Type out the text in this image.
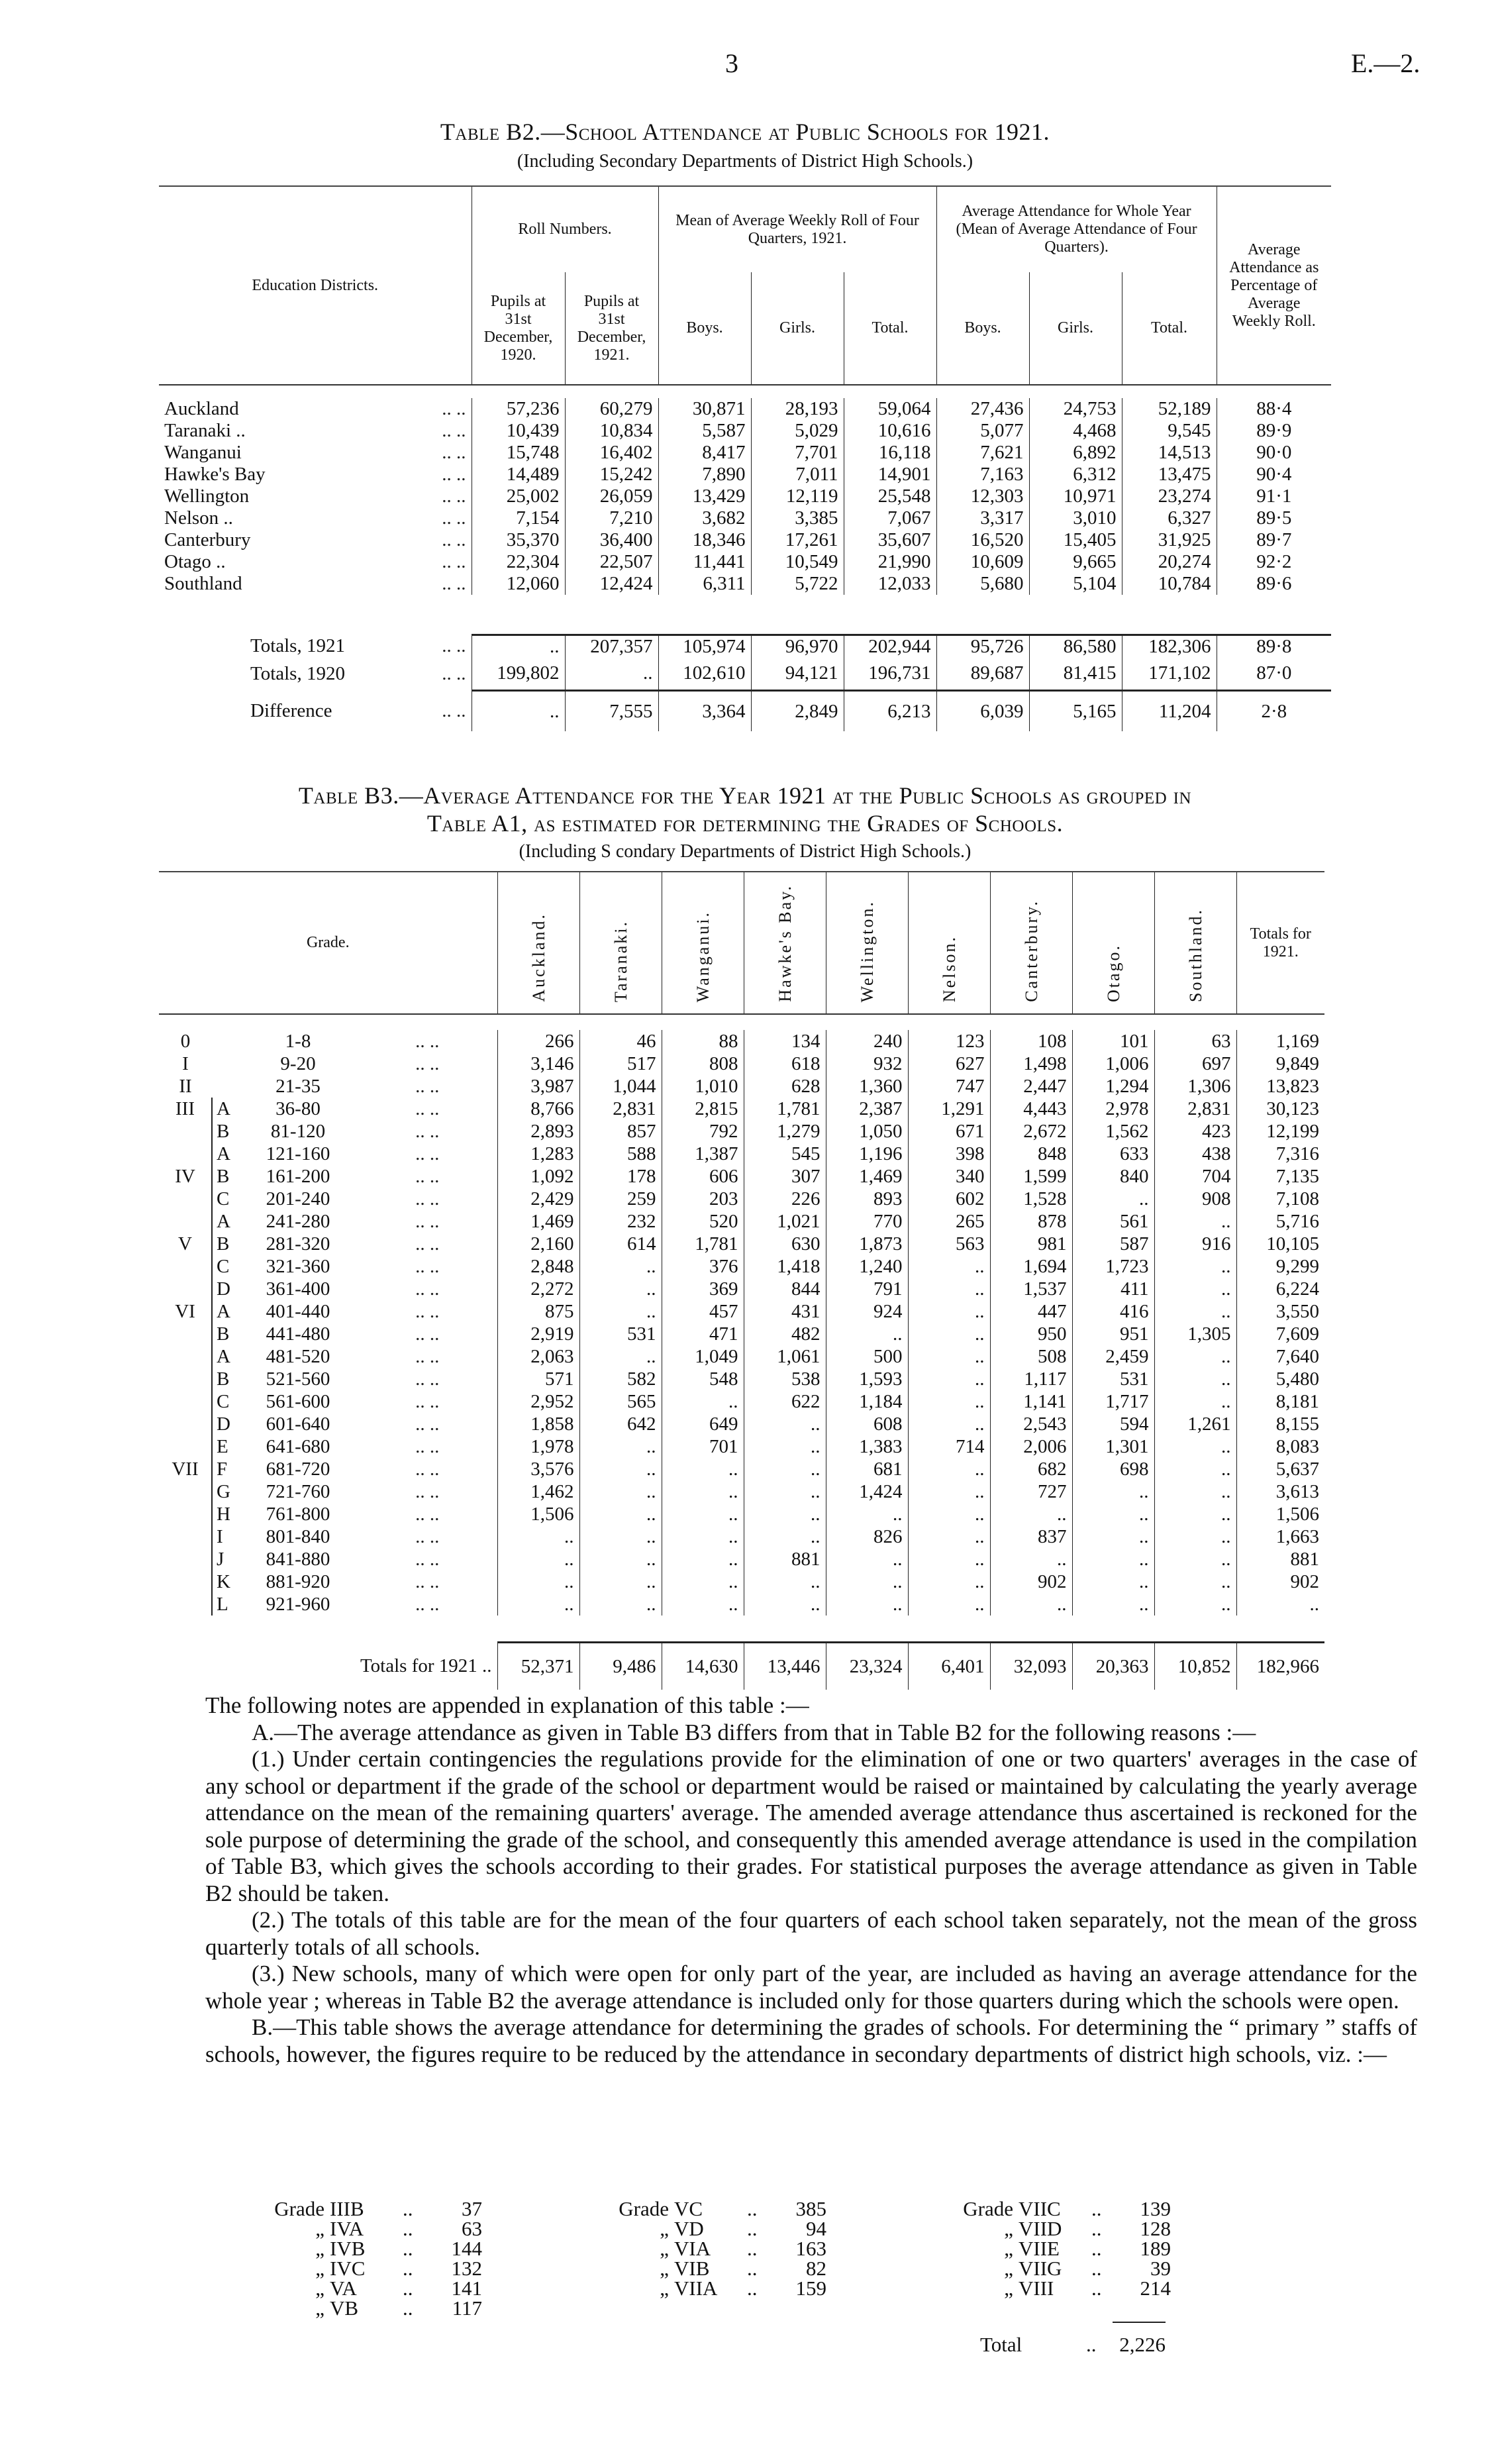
3	E.—2.
Table B2.—School Attendance at Public Schools for 1921.
(Including Secondary Departments of District High Schools.)
Education Districts.	Roll Numbers.		Mean of Average Weekly Roll of Four Quarters, 1921.			Average Attendance for Whole Year (Mean of Average Attendance of Four Quarters).			Average Attendance as Percentage of Average Weekly Roll.
	Pupils at 31st December, 1920.	Pupils at 31st December, 1921.	Boys.	Girls.	Total.	Boys.	Girls.	Total.	

Auckland .. ..	57,236	60,279	30,871	28,193	59,064	27,436	24,753	52,189	88·4
Taranaki .. .. ..	10,439	10,834	5,587	5,029	10,616	5,077	4,468	9,545	89·9
Wanganui .. ..	15,748	16,402	8,417	7,701	16,118	7,621	6,892	14,513	90·0
Hawke's Bay .. ..	14,489	15,242	7,890	7,011	14,901	7,163	6,312	13,475	90·4
Wellington .. ..	25,002	26,059	13,429	12,119	25,548	12,303	10,971	23,274	91·1
Nelson .. .. ..	7,154	7,210	3,682	3,385	7,067	3,317	3,010	6,327	89·5
Canterbury .. ..	35,370	36,400	18,346	17,261	35,607	16,520	15,405	31,925	89·7
Otago .. .. ..	22,304	22,507	11,441	10,549	21,990	10,609	9,665	20,274	92·2
Southland .. ..	12,060	12,424	6,311	5,722	12,033	5,680	5,104	10,784	89·6

Totals, 1921 .. ..	..	207,357	105,974	96,970	202,944	95,726	86,580	182,306	89·8
Totals, 1920 .. ..	199,802	..	102,610	94,121	196,731	89,687	81,415	171,102	87·0
Difference .. ..	..	7,555	3,364	2,849	6,213	6,039	5,165	11,204	2·8
Table B3.—Average Attendance for the Year 1921 at the Public Schools as grouped in
Table A1, as estimated for determining the Grades of Schools.
(Including S condary Departments of District High Schools.)
Grade.				Auckland.	Taranaki.	Wanganui.	Hawke's Bay.	Wellington.	Nelson.	Canterbury.	Otago.	Southland.	Totals for 1921.

0		1-8	.. ..	266	46	88	134	240	123	108	101	63	1,169
I		9-20	.. ..	3,146	517	808	618	932	627	1,498	1,006	697	9,849
II		21-35	.. ..	3,987	1,044	1,010	628	1,360	747	2,447	1,294	1,306	13,823
III	A	36-80	.. ..	8,766	2,831	2,815	1,781	2,387	1,291	4,443	2,978	2,831	30,123
	B	81-120	.. ..	2,893	857	792	1,279	1,050	671	2,672	1,562	423	12,199
	A	121-160	.. ..	1,283	588	1,387	545	1,196	398	848	633	438	7,316
IV	B	161-200	.. ..	1,092	178	606	307	1,469	340	1,599	840	704	7,135
	C	201-240	.. ..	2,429	259	203	226	893	602	1,528	..	908	7,108
	A	241-280	.. ..	1,469	232	520	1,021	770	265	878	561	..	5,716
V	B	281-320	.. ..	2,160	614	1,781	630	1,873	563	981	587	916	10,105
	C	321-360	.. ..	2,848	..	376	1,418	1,240	..	1,694	1,723	..	9,299
	D	361-400	.. ..	2,272	..	369	844	791	..	1,537	411	..	6,224
VI	A	401-440	.. ..	875	..	457	431	924	..	447	416	..	3,550
	B	441-480	.. ..	2,919	531	471	482	..	..	950	951	1,305	7,609
	A	481-520	.. ..	2,063	..	1,049	1,061	500	..	508	2,459	..	7,640
	B	521-560	.. ..	571	582	548	538	1,593	..	1,117	531	..	5,480
	C	561-600	.. ..	2,952	565	..	622	1,184	..	1,141	1,717	..	8,181
	D	601-640	.. ..	1,858	642	649	..	608	..	2,543	594	1,261	8,155
	E	641-680	.. ..	1,978	..	701	..	1,383	714	2,006	1,301	..	8,083
VII	F	681-720	.. ..	3,576	..	..	..	681	..	682	698	..	5,637
	G	721-760	.. ..	1,462	..	..	..	1,424	..	727	..	..	3,613
	H	761-800	.. ..	1,506	..	..	..	..	..	..	..	..	1,506
	I	801-840	.. ..	..	..	..	..	826	..	837	..	..	1,663
	J	841-880	.. ..	..	..	..	881	..	..	..	..	..	881
	K	881-920	.. ..	..	..	..	..	..	..	902	..	..	902
	L	921-960	.. ..	..	..	..	..	..	..	..	..	..	..

Totals for 1921 ..				52,371	9,486	14,630	13,446	23,324	6,401	32,093	20,363	10,852	182,966

The following notes are appended in explanation of this table :—

A.—The average attendance as given in Table B3 differs from that in Table B2 for the following reasons :—

(1.) Under certain contingencies the regulations provide for the elimination of one or two quarters' averages in the case of any school or department if the grade of the school or department would be raised or maintained by calculating the yearly average attendance on the mean of the remaining quarters' average. The amended average attendance thus ascertained is reckoned for the sole purpose of determining the grade of the school, and consequently this amended average attendance is used in the compilation of Table B3, which gives the schools according to their grades. For statistical purposes the average attendance as given in Table B2 should be taken.

(2.) The totals of this table are for the mean of the four quarters of each school taken separately, not the mean of the gross quarterly totals of all schools.

(3.) New schools, many of which were open for only part of the year, are included as having an average attendance for the whole year ; whereas in Table B2 the average attendance is included only for those quarters during which the schools were open.

B.—This table shows the average attendance for determining the grades of schools. For determining the “ primary ” staffs of schools, however, the figures require to be reduced by the attendance in secondary departments of district high schools, viz. :—

Grade IIIB .. 37
„ IVA .. 63
„ IVB .. 144
„ IVC .. 132
„ VA .. 141
„ VB .. 117
Grade VC .. 385
„ VD .. 94
„ VIA .. 163
„ VIB .. 82
„ VIIA .. 159
Grade VIIC .. 139
„ VIID .. 128
„ VIIE .. 189
„ VIIG .. 39
„ VIII .. 214
Total	.. 2,226
